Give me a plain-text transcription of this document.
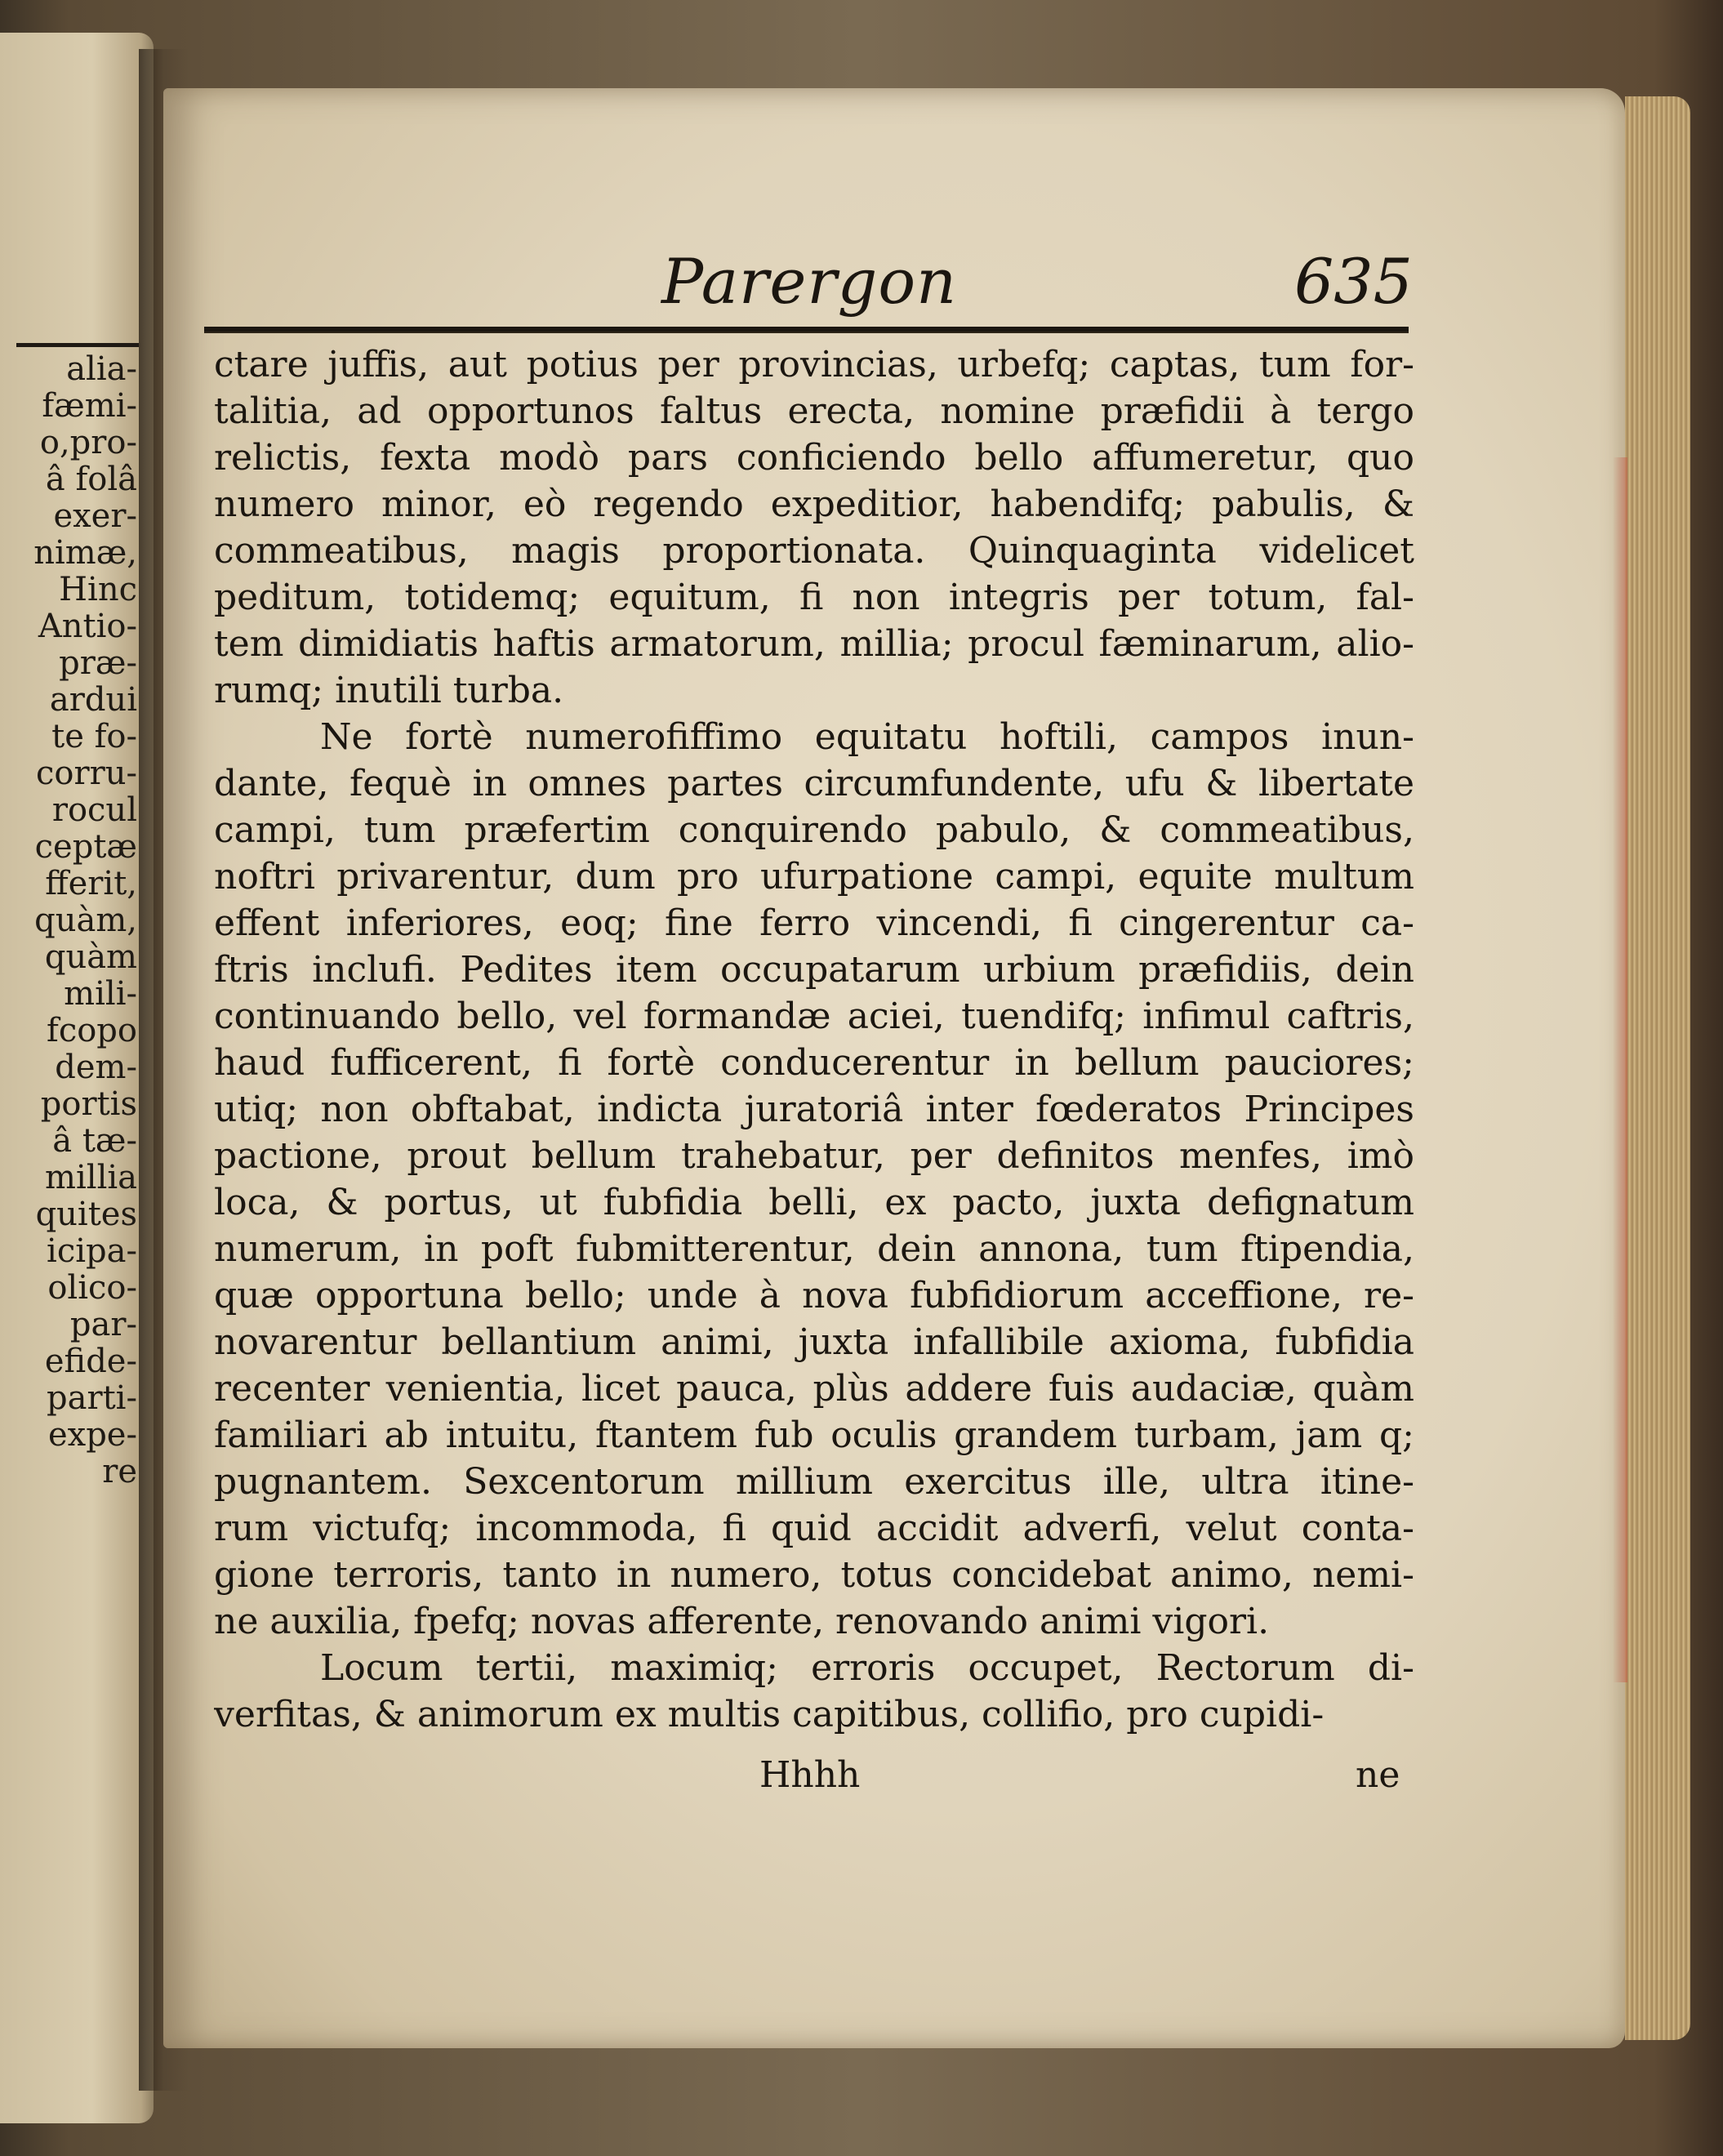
alia-
fæmi-
o,pro-
â folâ
exer-
nimæ,
Hinc
Antio-
præ-
ardui
te fo-
corru-
rocul
ceptæ
fferit,
quàm,
quàm
mili-
fcopo
dem-
portis
â tæ-
millia
quites
icipa-
olico-
par-
efide-
parti-
expe-
re
Parergon	635
ctare juffis, aut potius per provincias, urbefq; captas, tum for-
talitia, ad opportunos faltus erecta, nomine præfidii à tergo
relictis, fexta modò pars conficiendo bello affumeretur, quo
numero minor, eò regendo expeditior, habendifq; pabulis, &
commeatibus, magis proportionata. Quinquaginta videlicet
peditum, totidemq; equitum, fi non integris per totum, fal-
tem dimidiatis haftis armatorum, millia; procul fæminarum, alio-
rumq; inutili turba.
Ne fortè numerofiffimo equitatu hoftili, campos inun-
dante, fequè in omnes partes circumfundente, ufu & libertate
campi, tum præfertim conquirendo pabulo, & commeatibus,
noftri privarentur, dum pro ufurpatione campi, equite multum
effent inferiores, eoq; fine ferro vincendi, fi cingerentur ca-
ftris inclufi. Pedites item occupatarum urbium præfidiis, dein
continuando bello, vel formandæ aciei, tuendifq; infimul caftris,
haud fufficerent, fi fortè conducerentur in bellum pauciores;
utiq; non obftabat, indicta juratoriâ inter fœderatos Principes
pactione, prout bellum trahebatur, per definitos menfes, imò
loca, & portus, ut fubfidia belli, ex pacto, juxta defignatum
numerum, in poft fubmitterentur, dein annona, tum ftipendia,
quæ opportuna bello; unde à nova fubfidiorum acceffione, re-
novarentur bellantium animi, juxta infallibile axioma, fubfidia
recenter venientia, licet pauca, plùs addere fuis audaciæ, quàm
familiari ab intuitu, ftantem fub oculis grandem turbam, jam q;
pugnantem. Sexcentorum millium exercitus ille, ultra itine-
rum victufq; incommoda, fi quid accidit adverfi, velut conta-
gione terroris, tanto in numero, totus concidebat animo, nemi-
ne auxilia, fpefq; novas afferente, renovando animi vigori.
Locum tertii, maximiq; erroris occupet, Rectorum di-
verfitas, & animorum ex multis capitibus, collifio, pro cupidi-
Hhhh	ne
